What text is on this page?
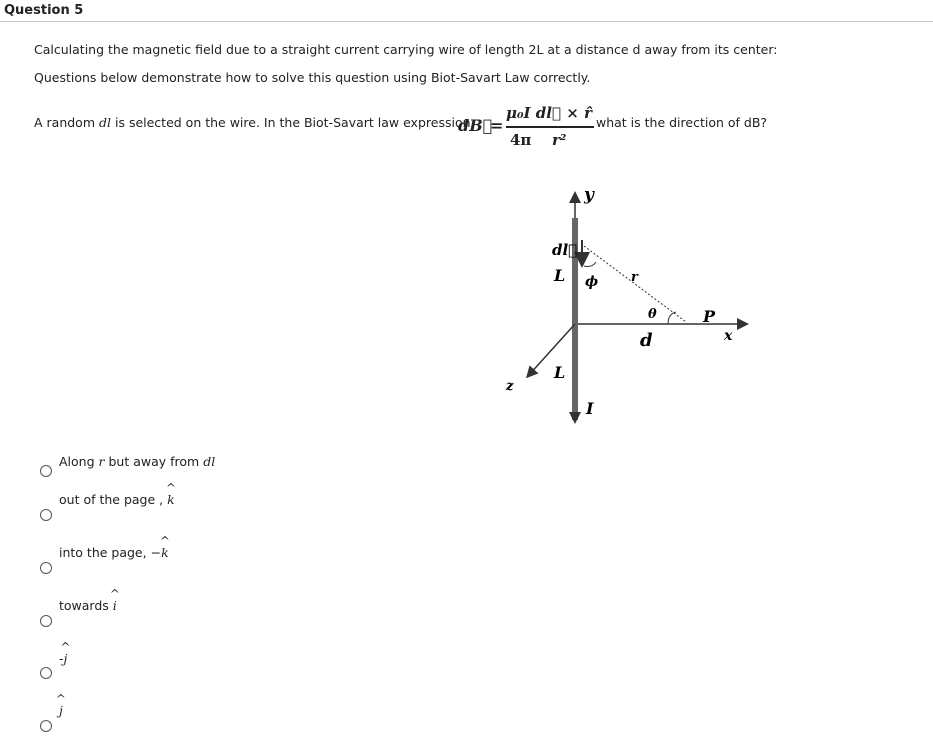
Question 5
Calculating the magnetic field due to a straight current carrying wire of length 2L at a distance d away from its center:
Questions below demonstrate how to solve this question using Biot-Savart Law correctly.
A random dl is selected on the wire. In the Biot-Savart law expression
dB⃗
=
μ₀I dl⃗ × r̂
4π r²
what is the direction of dB?
y
dl⃗
L ϕ	r
θ	P
d	x
z
L
I
Along r but away from dl
out of the page ,
^
k
into the page, −
^
k
towards
^
i
-
^
j
^
j
